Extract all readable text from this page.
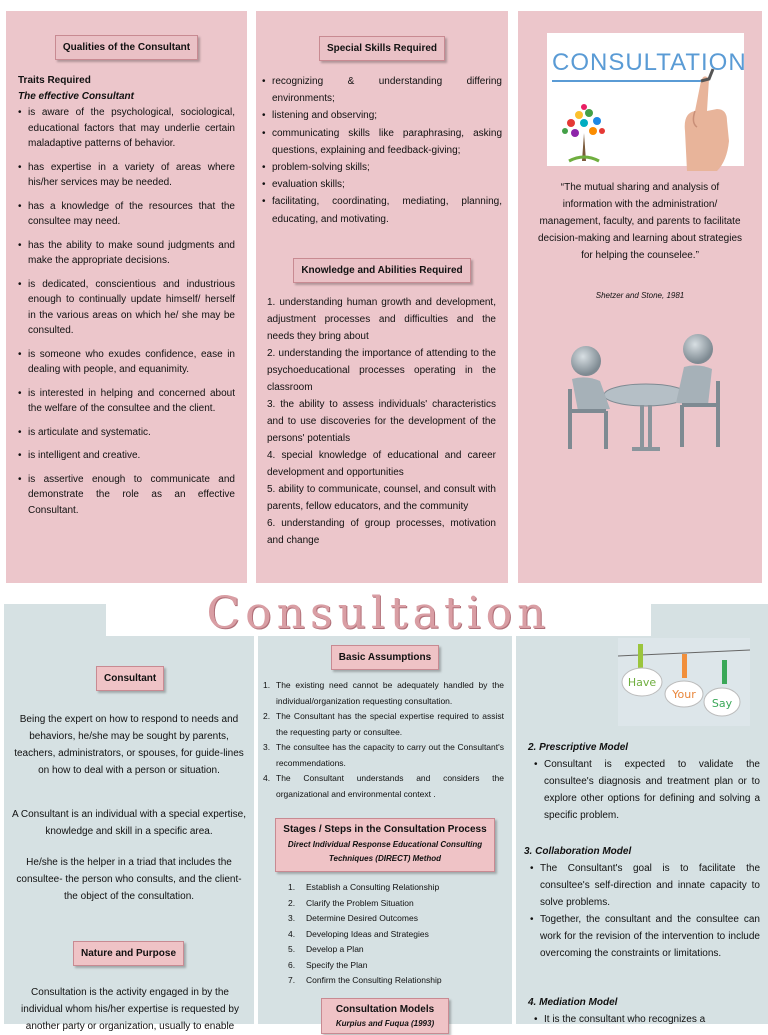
Qualities of the Consultant
Traits Required
The effective Consultant
• is aware of the psychological, sociological, educational factors that may underlie certain maladaptive patterns of behavior.
• has expertise in a variety of areas where his/her services may be needed.
• has a knowledge of the resources that the consultee may need.
• has the ability to make sound judgments and make the appropriate decisions.
• is dedicated, conscientious and industrious enough to continually update himself/ herself in the various areas on which he/ she may be consulted.
• is someone who exudes confidence, ease in dealing with people, and equanimity.
• is interested in helping and concerned about the welfare of the consultee and the client.
• is articulate and systematic.
• is intelligent and creative.
• is assertive enough to communicate and demonstrate the role as an effective Consultant.
Special Skills Required
• recognizing & understanding differing environments;
• listening and observing;
• communicating skills like paraphrasing, asking questions, explaining and feedback-giving;
• problem-solving skills;
• evaluation skills;
• facilitating, coordinating, mediating, planning, educating, and motivating.
Knowledge and Abilities Required
1. understanding human growth and development, adjustment processes and difficulties and the needs they bring about
2. understanding the importance of attending to the psychoeducational processes operating in the classroom
3. the ability to assess individuals' characteristics and to use discoveries for the development of the persons' potentials
4. special knowledge of educational and career development and opportunities
5. ability to communicate, counsel, and consult with parents, fellow educators, and the community
6. understanding of group processes, motivation and change
CONSULTATION
“The mutual sharing and analysis of information with the administration/ management, faculty, and parents to facilitate decision-making and learning about strategies for helping the counselee.”
Shetzer and Stone, 1981
Consultant
Being the expert on how to respond to needs and behaviors, he/she may be sought by parents, teachers, administrators, or spouses, for guide-lines on how to deal with a person or situation.
A Consultant is an individual with a special expertise, knowledge and skill in a specific area.
He/she is the helper in a triad that includes the consultee- the person who consults, and the client- the object of the consultation.
Nature and Purpose
Consultation is the activity engaged in by the individual whom his/her expertise is requested by another party or organization, usually to enable
Basic Assumptions
1. The existing need cannot be adequately handled by the individual/organization requesting consultation.
2. The Consultant has the special expertise required to assist the requesting party or consultee.
3. The consultee has the capacity to carry out the Consultant's recommendations.
4. The Consultant understands and considers the organizational and environmental context .
Stages / Steps in the Consultation Process
Direct Individual Response Educational Consulting Techniques (DIRECT) Method
1. Establish a Consulting Relationship
2. Clarify the Problem Situation
3. Determine Desired Outcomes
4. Developing Ideas and Strategies
5. Develop a Plan
6. Specify the Plan
7. Confirm the Consulting Relationship
Consultation Models
Kurpius and Fuqua (1993)
Have
Your
Say
2. Prescriptive Model
• Consultant is expected to validate the consultee's diagnosis and treatment plan or to explore other options for defining and solving a specific problem.
3. Collaboration Model
• The Consultant's goal is to facilitate the consultee's self-direction and innate capacity to solve problems.
• Together, the consultant and the consultee can work for the revision of the intervention to include overcoming the constraints or limitations.
4. Mediation Model
• It is the consultant who recognizes a
Consultation
